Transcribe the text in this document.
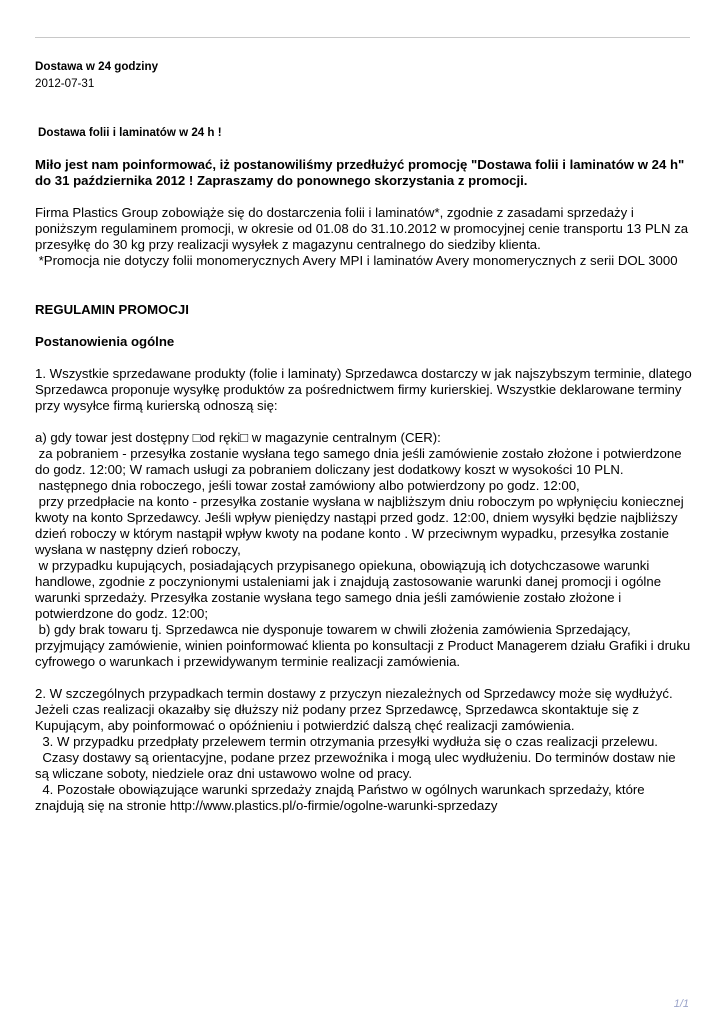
Dostawa w 24 godziny

2012-07-31

Dostawa folii i laminatów w 24 h !

Miło jest nam poinformować, iż postanowiliśmy przedłużyć promocję "Dostawa folii i laminatów w 24 h" do 31 października 2012 ! Zapraszamy do ponownego skorzystania z promocji.

Firma Plastics Group zobowiąże się do dostarczenia folii i laminatów*, zgodnie z zasadami sprzedaży i poniższym regulaminem promocji, w okresie od 01.08 do 31.10.2012 w promocyjnej cenie transportu 13 PLN za przesyłkę do 30 kg przy realizacji wysyłek z magazynu centralnego do siedziby klienta.

*Promocja nie dotyczy folii monomerycznych Avery MPI i laminatów Avery monomerycznych z serii DOL 3000

REGULAMIN PROMOCJI

Postanowienia ogólne

1. Wszystkie sprzedawane produkty (folie i laminaty) Sprzedawca dostarczy w jak najszybszym terminie, dlatego Sprzedawca proponuje wysyłkę produktów za pośrednictwem firmy kurierskiej. Wszystkie deklarowane terminy przy wysyłce firmą kurierską odnoszą się:

a) gdy towar jest dostępny □od ręki□ w magazynie centralnym (CER):

za pobraniem - przesyłka zostanie wysłana tego samego dnia jeśli zamówienie zostało złożone i potwierdzone do godz. 12:00; W ramach usługi za pobraniem doliczany jest dodatkowy koszt w wysokości 10 PLN.

następnego dnia roboczego, jeśli towar został zamówiony albo potwierdzony po godz. 12:00,

przy przedpłacie na konto - przesyłka zostanie wysłana w najbliższym dniu roboczym po wpłynięciu koniecznej kwoty na konto Sprzedawcy. Jeśli wpływ pieniędzy nastąpi przed godz. 12:00, dniem wysyłki będzie najbliższy dzień roboczy w którym nastąpił wpływ kwoty na podane konto . W przeciwnym wypadku, przesyłka zostanie wysłana w następny dzień roboczy,

w przypadku kupujących, posiadających przypisanego opiekuna, obowiązują ich dotychczasowe warunki handlowe, zgodnie z poczynionymi ustaleniami jak i znajdują zastosowanie warunki danej promocji i ogólne warunki sprzedaży. Przesyłka zostanie wysłana tego samego dnia jeśli zamówienie zostało złożone i potwierdzone do godz. 12:00;

b) gdy brak towaru tj. Sprzedawca nie dysponuje towarem w chwili złożenia zamówienia Sprzedający, przyjmujący zamówienie, winien poinformować klienta po konsultacji z Product Managerem działu Grafiki i druku cyfrowego o warunkach i przewidywanym terminie realizacji zamówienia.

2. W szczególnych przypadkach termin dostawy z przyczyn niezależnych od Sprzedawcy może się wydłużyć. Jeżeli czas realizacji okazałby się dłuższy niż podany przez Sprzedawcę, Sprzedawca skontaktuje się z Kupującym, aby poinformować o opóźnieniu i potwierdzić dalszą chęć realizacji zamówienia.

3. W przypadku przedpłaty przelewem termin otrzymania przesyłki wydłuża się o czas realizacji przelewu.

Czasy dostawy są orientacyjne, podane przez przewoźnika i mogą ulec wydłużeniu. Do terminów dostaw nie są wliczane soboty, niedziele oraz dni ustawowo wolne od pracy.

4. Pozostałe obowiązujące warunki sprzedaży znajdą Państwo w ogólnych warunkach sprzedaży, które znajdują się na stronie http://www.plastics.pl/o-firmie/ogolne-warunki-sprzedazy

1/1
